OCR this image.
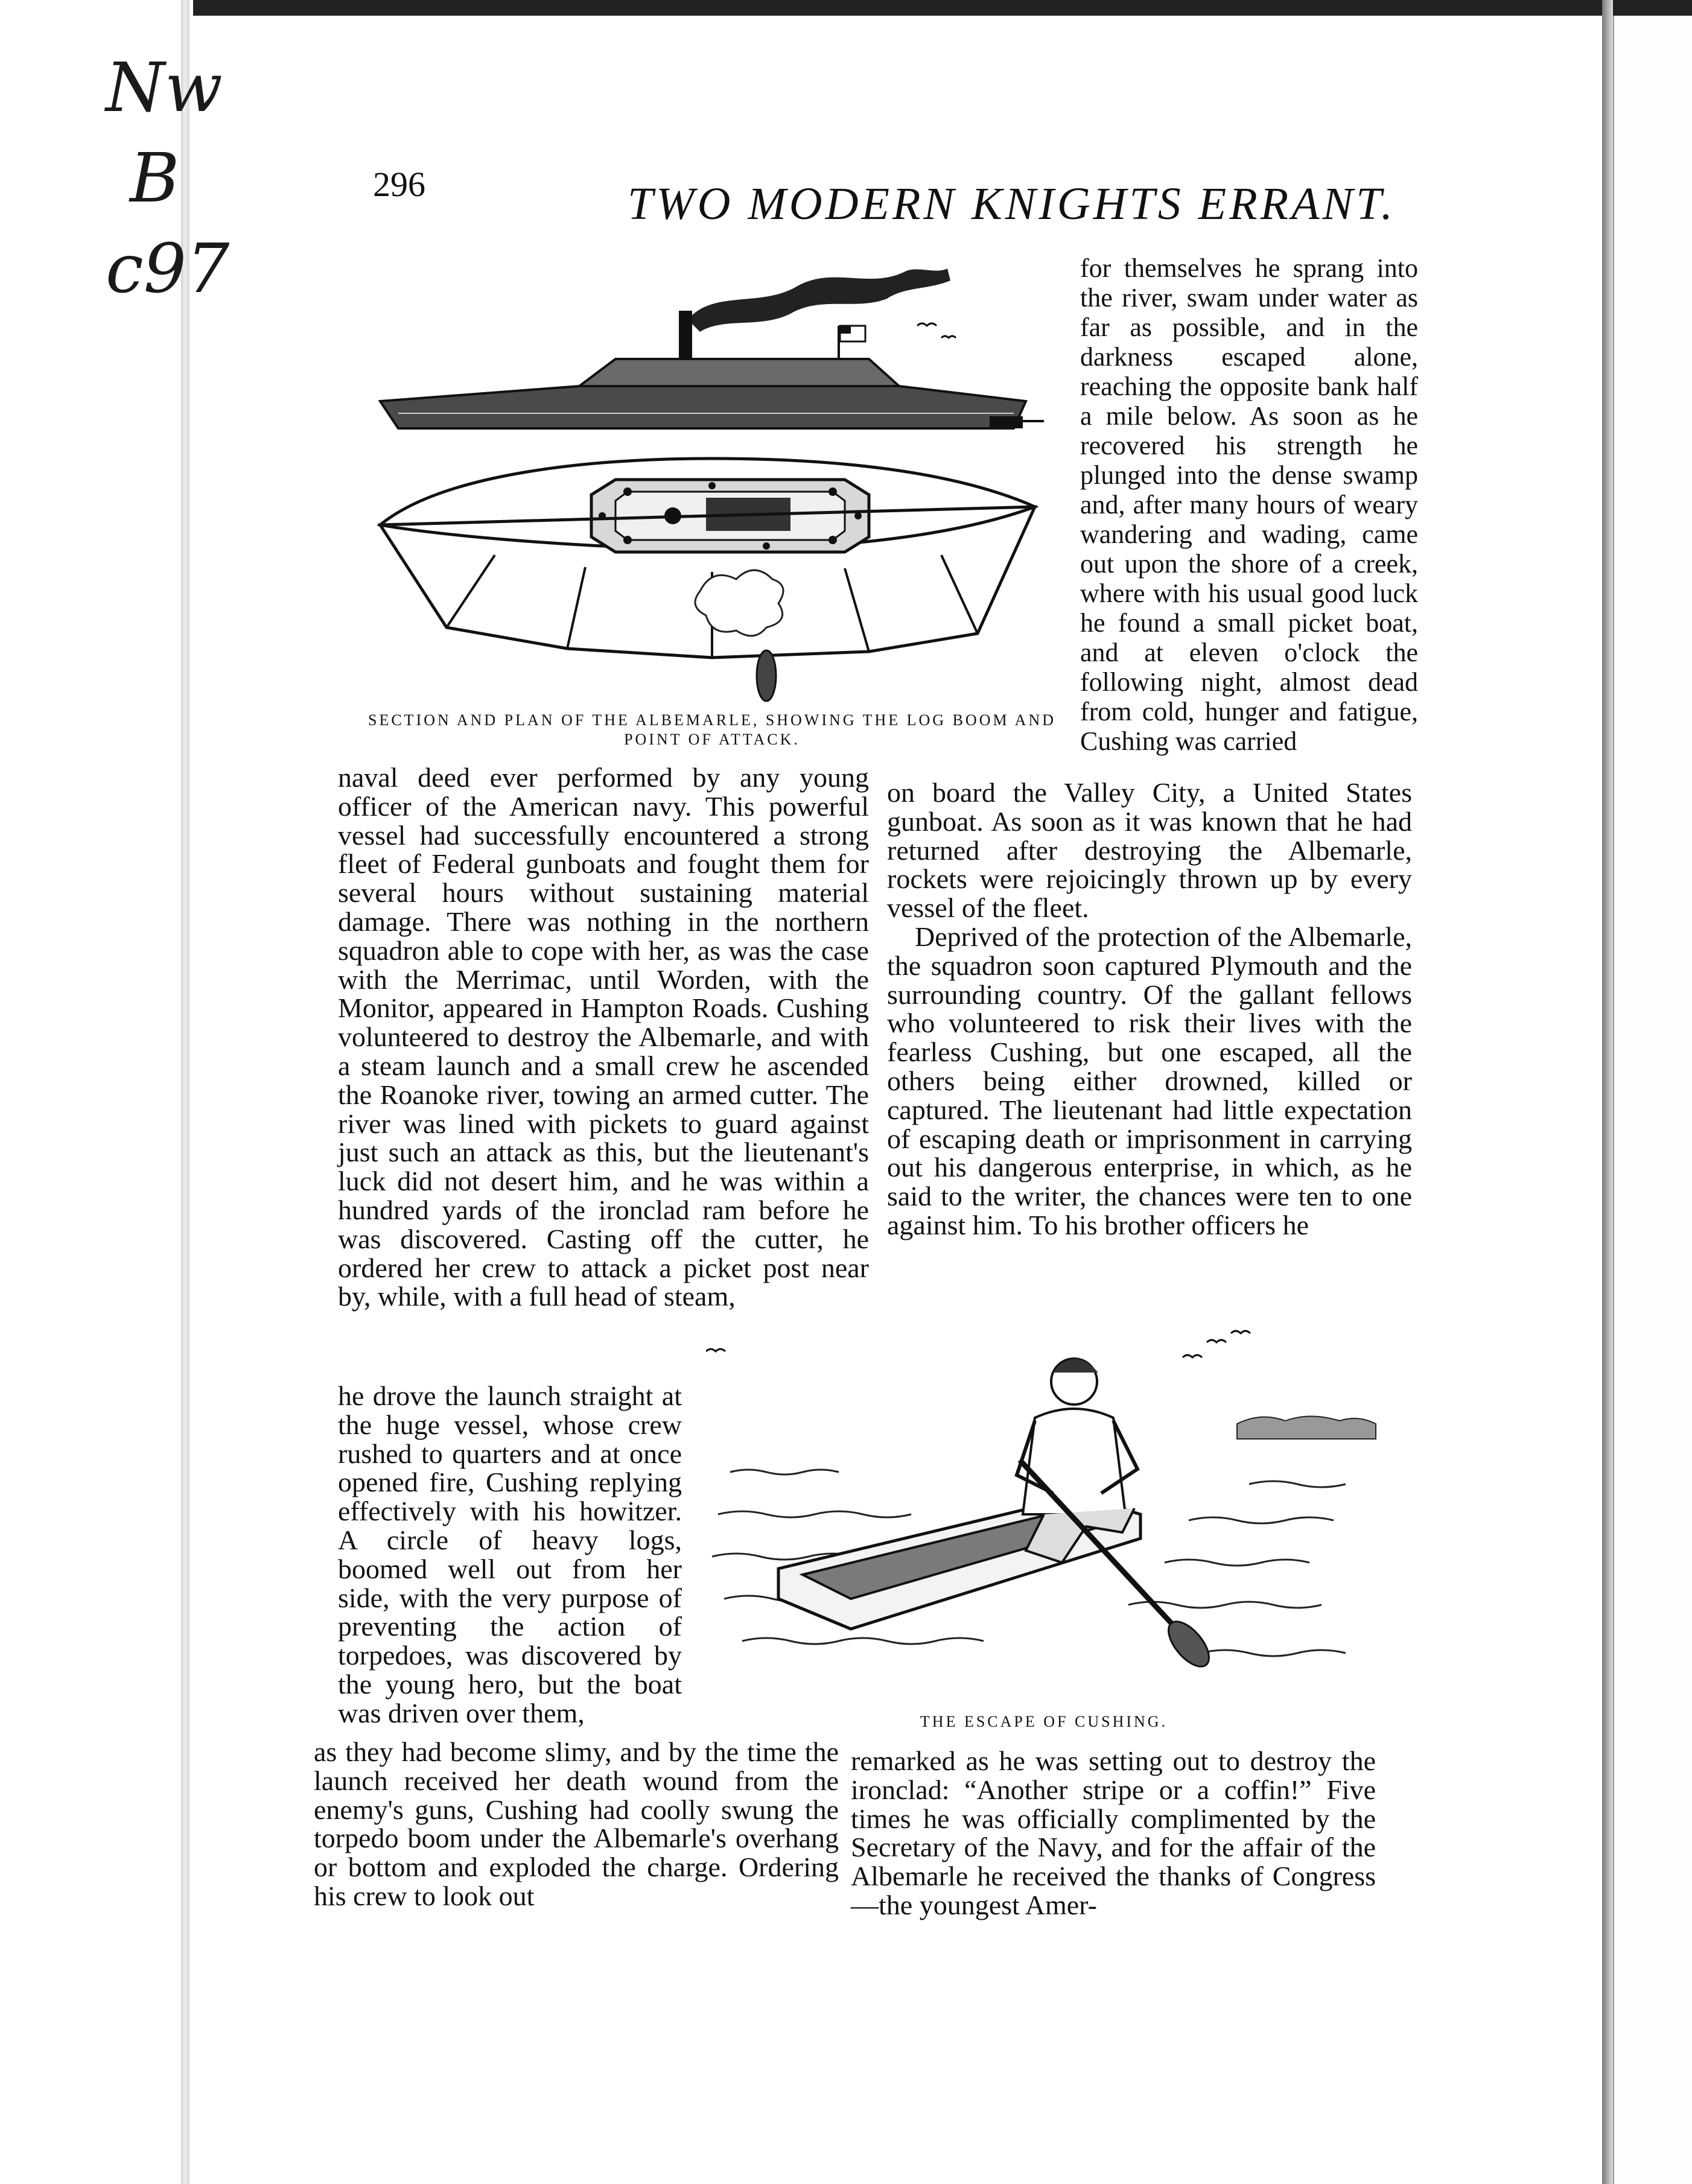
Nw
B
c97
296	TWO MODERN KNIGHTS ERRANT.
SECTION AND PLAN OF THE ALBEMARLE, SHOWING THE LOG BOOM AND POINT OF ATTACK.

for themselves he sprang into the river, swam under water as far as possible, and in the darkness escaped alone, reaching the opposite bank half a mile below. As soon as he recovered his strength he plunged into the dense swamp and, after many hours of weary wandering and wading, came out upon the shore of a creek, where with his usual good luck he found a small picket boat, and at eleven o'clock the following night, almost dead from cold, hunger and fatigue, Cushing was carried

naval deed ever performed by any young officer of the American navy. This powerful vessel had successfully encountered a strong fleet of Federal gunboats and fought them for several hours without sustaining material damage. There was nothing in the northern squadron able to cope with her, as was the case with the Merrimac, until Worden, with the Monitor, appeared in Hampton Roads. Cushing volunteered to destroy the Albemarle, and with a steam launch and a small crew he ascended the Roanoke river, towing an armed cutter. The river was lined with pickets to guard against just such an attack as this, but the lieutenant's luck did not desert him, and he was within a hundred yards of the ironclad ram before he was discovered. Casting off the cutter, he ordered her crew to attack a picket post near by, while, with a full head of steam,

he drove the launch straight at the huge vessel, whose crew rushed to quarters and at once opened fire, Cushing replying effectively with his howitzer. A circle of heavy logs, boomed well out from her side, with the very purpose of preventing the action of torpedoes, was discovered by the young hero, but the boat was driven over them,	THE ESCAPE OF CUSHING.

on board the Valley City, a United States gunboat. As soon as it was known that he had returned after destroying the Albemarle, rockets were rejoicingly thrown up by every vessel of the fleet.

Deprived of the protection of the Albemarle, the squadron soon captured Plymouth and the surrounding country. Of the gallant fellows who volunteered to risk their lives with the fearless Cushing, but one escaped, all the others being either drowned, killed or captured. The lieutenant had little expectation of escaping death or imprisonment in carrying out his dangerous enterprise, in which, as he said to the writer, the chances were ten to one against him. To his brother officers he

as they had become slimy, and by the time the launch received her death wound from the enemy's guns, Cushing had coolly swung the torpedo boom under the Albemarle's overhang or bottom and exploded the charge. Ordering his crew to look out

remarked as he was setting out to destroy the ironclad: “Another stripe or a coffin!” Five times he was officially complimented by the Secretary of the Navy, and for the affair of the Albemarle he received the thanks of Congress—the youngest Amer-
